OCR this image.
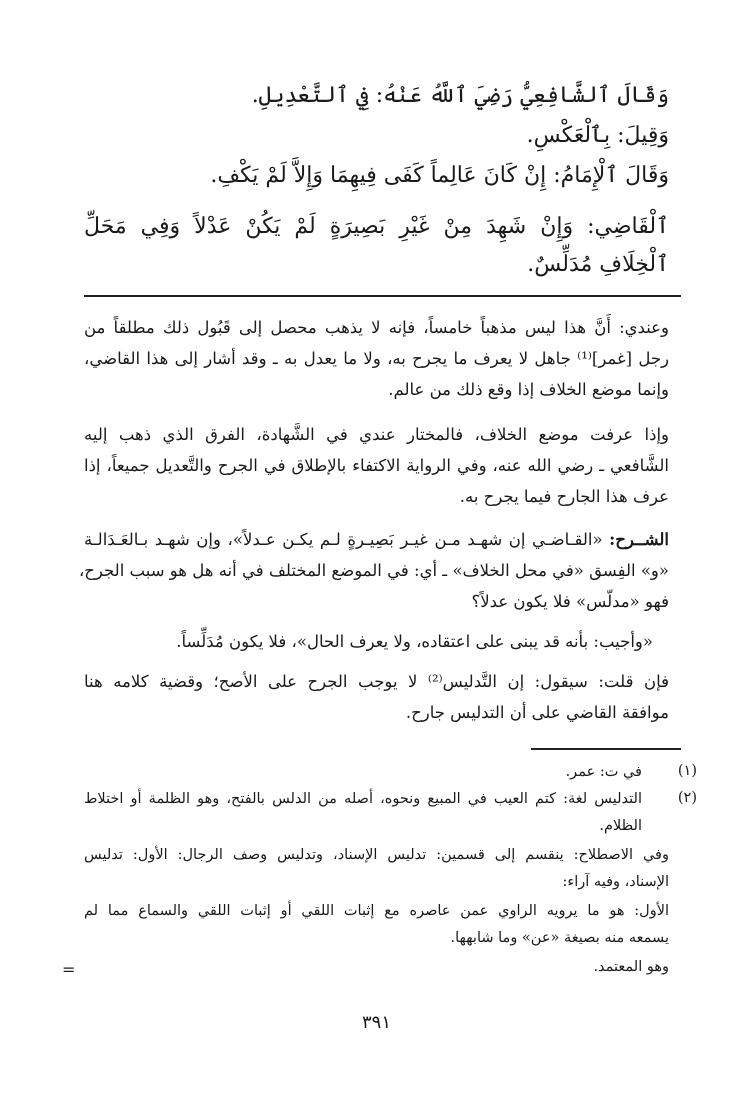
وَقَالَ ٱلشَّافِعِيُّ رَضِيَ ٱللَّهُ عَنْهُ: فِي ٱلتَّعْدِيلِ.
وَقِيلَ: بِٱلْعَكْسِ.
وَقَالَ ٱلْإِمَامُ: إِنْ كَانَ عَالِماً كَفَى فِيهِمَا وَإِلاَّ لَمْ يَكْفِ.
ٱلْقَاضِي: وَإِنْ شَهِدَ مِنْ غَيْرِ بَصِيرَةٍ لَمْ يَكُنْ عَدْلاً وَفِي مَحَلِّ
ٱلْخِلَافِ مُدَلِّسٌ.
وعندي: أَنَّ هذا ليس مذهباً خامساً، فإنه لا يذهب محصل إلى قَبُول ذلك مطلقاً من
رجل [غمر]⁽¹⁾ جاهل لا يعرف ما يجرح به، ولا ما يعدل به ـ وقد أشار إلى هذا القاضي،
وإنما موضع الخلاف إذا وقع ذلك من عالم.
وإذا عرفت موضع الخلاف، فالمختار عندي في الشَّهادة، الفرق الذي ذهب إليه
الشَّافعي ـ رضي الله عنه، وفي الرواية الاكتفاء بالإطلاق في الجرح والتَّعديل جميعاً، إذا
عرف هذا الجارح فيما يجرح به.
الشــرح: «القـاضـي إن شهـد مـن غيـر بَصِيـرةٍ لـم يكـن عـدلاً»، وإن شهـد بـالعَـدَالـة
«و» الفِسق «في محل الخلاف» ـ أي: في الموضع المختلف في أنه هل هو سبب الجرح،
فهو «مدلّس» فلا يكون عدلاً؟
«وأجيب: بأنه قد يبنى على اعتقاده، ولا يعرف الحال»، فلا يكون مُدَلِّساً.
فإن قلت: سيقول: إن التَّدليس⁽²⁾ لا يوجب الجرح على الأصح؛ وقضية كلامه هنا
موافقة القاضي على أن التدليس جارح.
(١)
في ت: عمر.
(٢)
التدليس لغة: كتم العيب في المبيع ونحوه، أصله من الدلس بالفتح، وهو الظلمة أو اختلاط
الظلام.
وفي الاصطلاح: ينقسم إلى قسمين: تدليس الإسناد، وتدليس وصف الرجال: الأول: تدليس
الإسناد، وفيه آراء:
الأول: هو ما يرويه الراوي عمن عاصره مع إثبات اللقي أو إثبات اللقي والسماع مما لم
يسمعه منه بصيغة «عن» وما شابهها.
وهو المعتمد.
=
٣٩١
